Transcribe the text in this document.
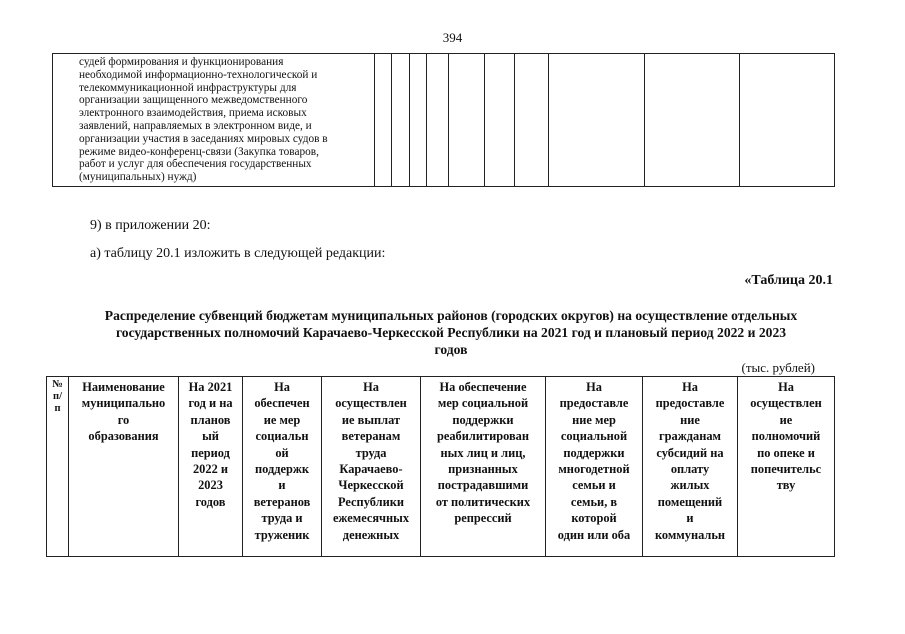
394
судей формирования и функционирования
необходимой информационно-технологической и
телекоммуникационной инфраструктуры для
организации защищенного межведомственного
электронного взаимодействия, приема исковых
заявлений, направляемых в электронном виде, и
организации участия в заседаниях мировых судов в
режиме видео-конференц-связи (Закупка товаров,
работ и услуг для обеспечения государственных
(муниципальных) нужд)

9) в приложении 20:
а) таблицу 20.1 изложить в следующей редакции:
«Таблица 20.1
Распределение субвенций бюджетам муниципальных районов (городских округов) на осуществление отдельных
государственных полномочий Карачаево-Черкесской Республики на 2021 год и плановый период 2022 и 2023
годов
(тыс. рублей)
№
п/
п

Наименование
муниципально
го
образования

На 2021
год и на
планов
ый
период
2022 и
2023
годов

На
обеспечен
ие мер
социальн
ой
поддержк
и
ветеранов
труда и
труженик

На
осуществлен
ие выплат
ветеранам
труда
Карачаево-
Черкесской
Республики
ежемесячных
денежных

На обеспечение
мер социальной
поддержки
реабилитирован
ных лиц и лиц,
признанных
пострадавшими
от политических
репрессий

На
предоставле
ние мер
социальной
поддержки
многодетной
семьи и
семьи, в
которой
один или оба

На
предоставле
ние
гражданам
субсидий на
оплату
жилых
помещений
и
коммунальн

На
осуществлен
ие
полномочий
по опеке и
попечительс
тву
